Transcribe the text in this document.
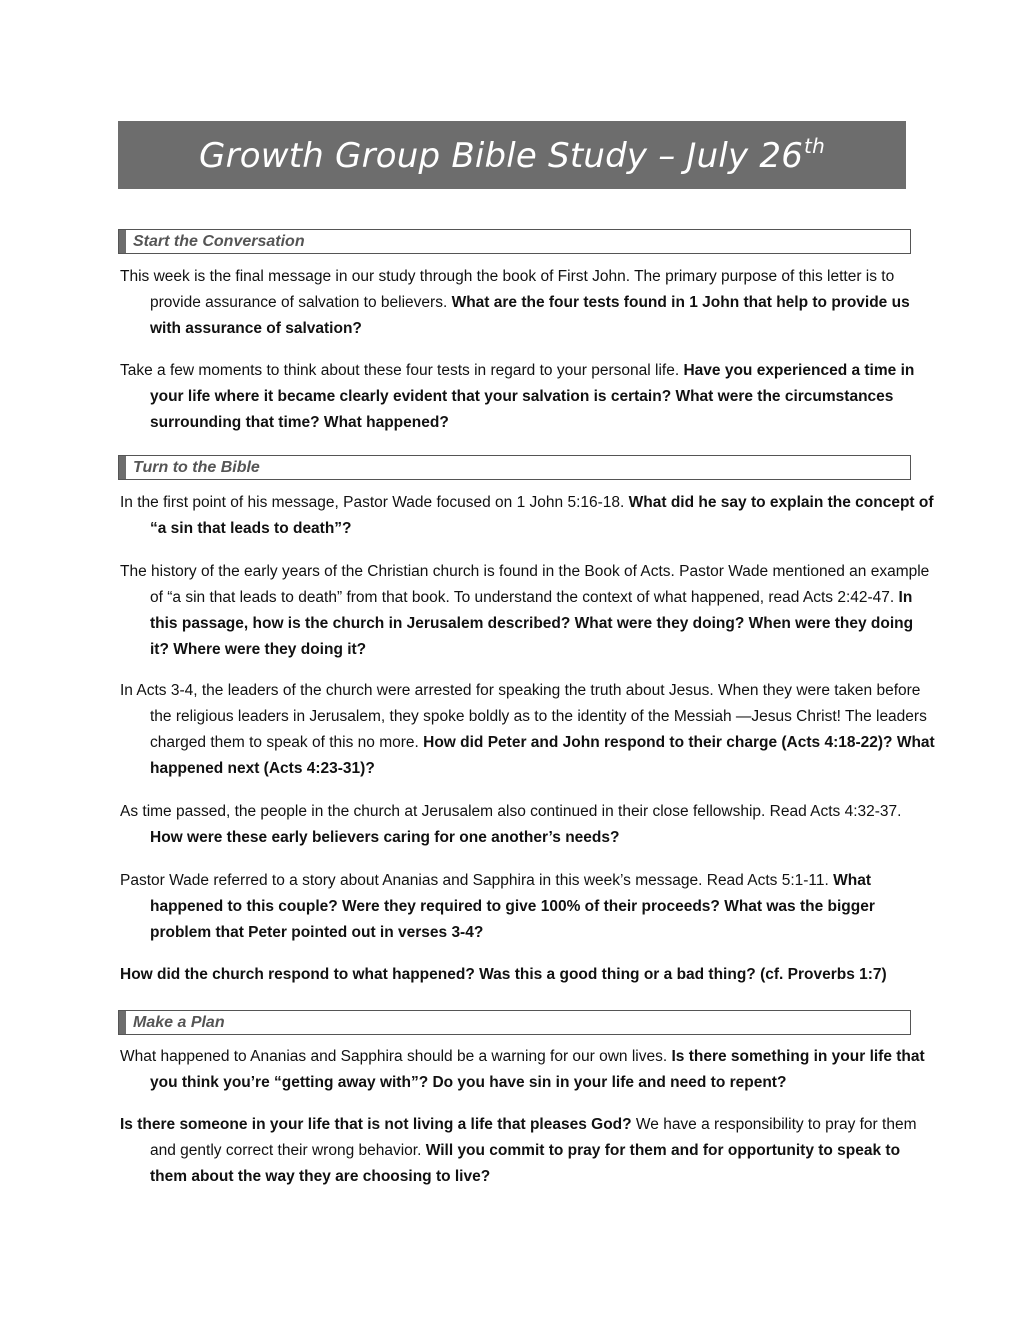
Growth Group Bible Study – July 26th
Start the Conversation

This week is the final message in our study through the book of First John. The primary purpose of this letter is to provide assurance of salvation to believers. What are the four tests found in 1 John that help to provide us with assurance of salvation?

Take a few moments to think about these four tests in regard to your personal life. Have you experienced a time in your life where it became clearly evident that your salvation is certain? What were the circumstances surrounding that time? What happened?

Turn to the Bible

In the first point of his message, Pastor Wade focused on 1 John 5:16-18. What did he say to explain the concept of “a sin that leads to death”?

The history of the early years of the Christian church is found in the Book of Acts. Pastor Wade mentioned an example of “a sin that leads to death” from that book. To understand the context of what happened, read Acts 2:42-47. In this passage, how is the church in Jerusalem described? What were they doing? When were they doing it? Where were they doing it?

In Acts 3-4, the leaders of the church were arrested for speaking the truth about Jesus. When they were taken before the religious leaders in Jerusalem, they spoke boldly as to the identity of the Messiah —Jesus Christ! The leaders charged them to speak of this no more. How did Peter and John respond to their charge (Acts 4:18-22)? What happened next (Acts 4:23-31)?

As time passed, the people in the church at Jerusalem also continued in their close fellowship. Read Acts 4:32-37. How were these early believers caring for one another’s needs?

Pastor Wade referred to a story about Ananias and Sapphira in this week’s message. Read Acts 5:1-11. What happened to this couple? Were they required to give 100% of their proceeds? What was the bigger problem that Peter pointed out in verses 3-4?

How did the church respond to what happened? Was this a good thing or a bad thing? (cf. Proverbs 1:7)

Make a Plan

What happened to Ananias and Sapphira should be a warning for our own lives. Is there something in your life that you think you’re “getting away with”? Do you have sin in your life and need to repent?

Is there someone in your life that is not living a life that pleases God? We have a responsibility to pray for them and gently correct their wrong behavior. Will you commit to pray for them and for opportunity to speak to them about the way they are choosing to live?
